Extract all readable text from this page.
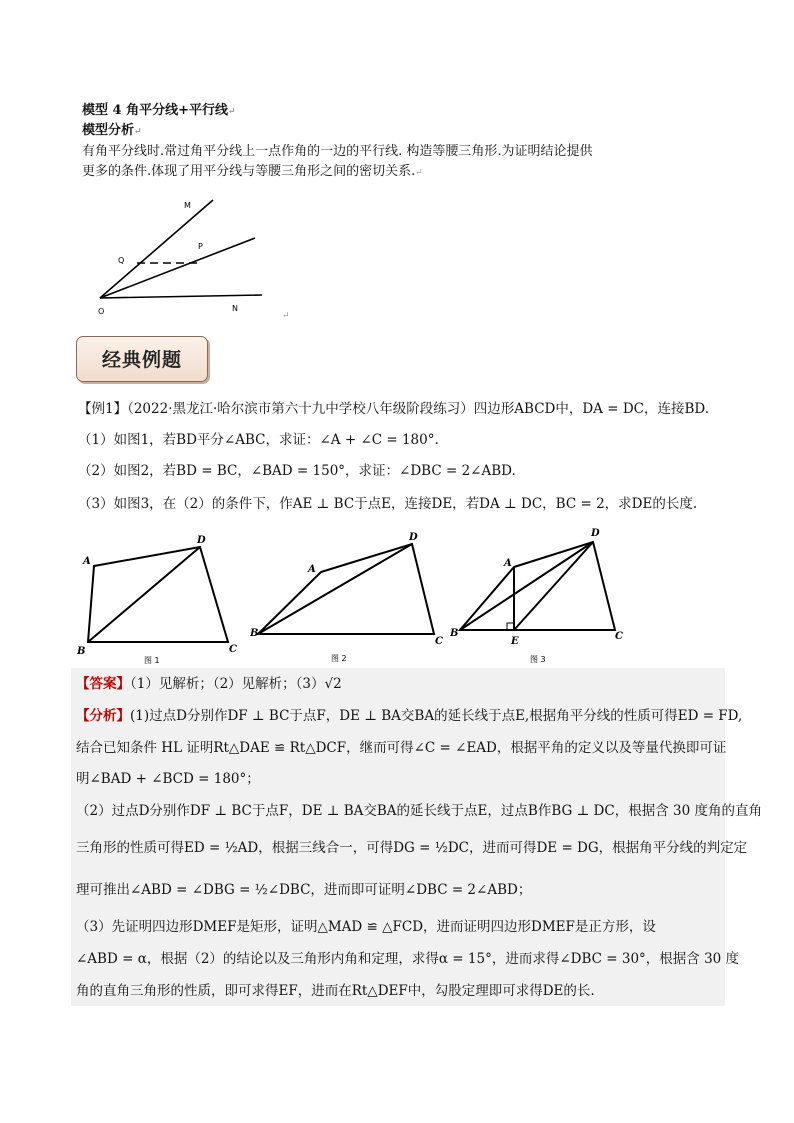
模型 4 角平分线+平行线↵
模型分析↵
有角平分线时.常过角平分线上一点作角的一边的平行线. 构造等腰三角形.为证明结论提供
更多的条件.体现了用平分线与等腰三角形之间的密切关系.↵
M
P
Q
O	N
↵
经典例题
【例1】（2022·黑龙江·哈尔滨市第六十九中学校八年级阶段练习）四边形ABCD中，DA = DC，连接BD.
（1）如图1，若BD平分∠ABC，求证：∠A + ∠C = 180°.
（2）如图2，若BD = BC，∠BAD = 150°，求证：∠DBC = 2∠ABD.
（3）如图3，在（2）的条件下，作AE ⊥ BC于点E，连接DE，若DA ⊥ DC，BC = 2，求DE的长度.
A
D
B	C
图 1
A
D
B
C
图 2
A
D
B	C
E
图 3
【答案】（1）见解析；（2）见解析；（3）√2
【分析】(1)过点D分别作DF ⊥ BC于点F，DE ⊥ BA交BA的延长线于点E,根据角平分线的性质可得ED = FD,
结合已知条件 HL 证明Rt△DAE ≌ Rt△DCF，继而可得∠C = ∠EAD，根据平角的定义以及等量代换即可证
明∠BAD + ∠BCD = 180°；
（2）过点D分别作DF ⊥ BC于点F，DE ⊥ BA交BA的延长线于点E，过点B作BG ⊥ DC，根据含 30 度角的直角
三角形的性质可得ED = ½AD，根据三线合一，可得DG = ½DC，进而可得DE = DG，根据角平分线的判定定
理可推出∠ABD = ∠DBG = ½∠DBC，进而即可证明∠DBC = 2∠ABD；
（3）先证明四边形DMEF是矩形，证明△MAD ≌ △FCD，进而证明四边形DMEF是正方形，设
∠ABD = α，根据（2）的结论以及三角形内角和定理，求得α = 15°，进而求得∠DBC = 30°，根据含 30 度
角的直角三角形的性质，即可求得EF，进而在Rt△DEF中，勾股定理即可求得DE的长.
